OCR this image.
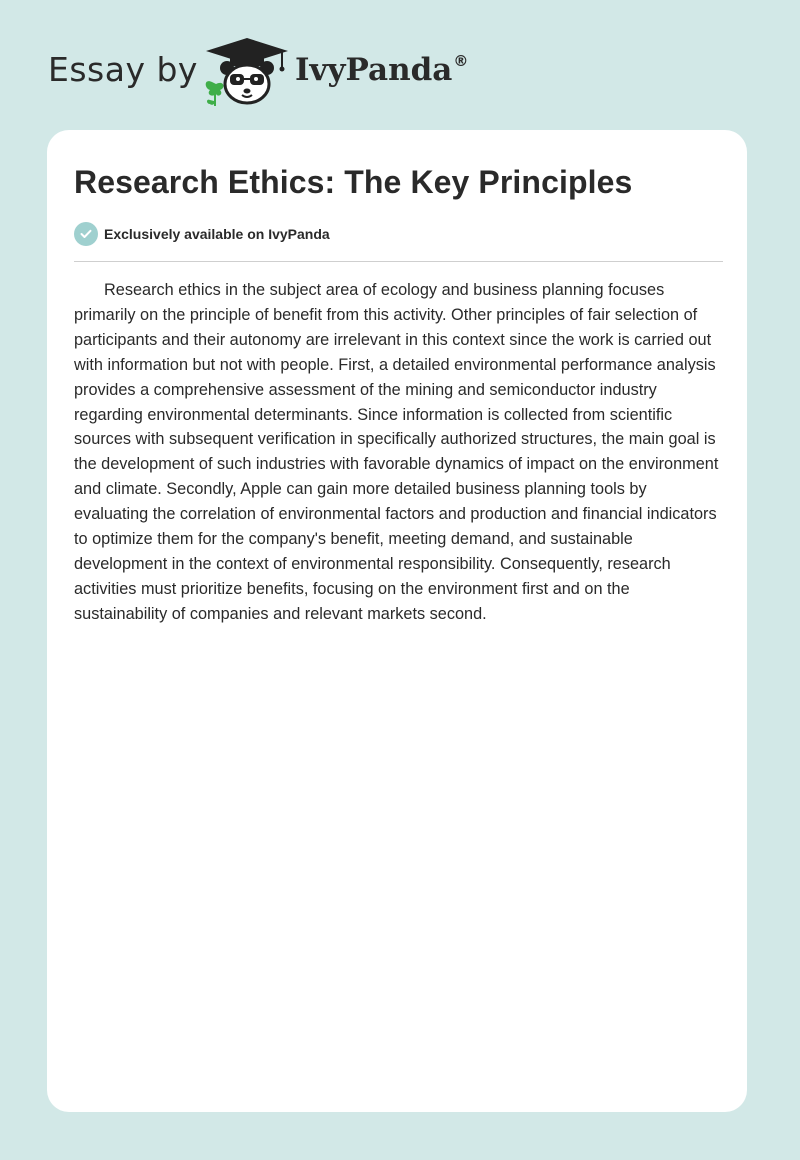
Essay by	IvyPanda®
Research Ethics: The Key Principles
Exclusively available on IvyPanda

Research ethics in the subject area of ecology and business planning focuses primarily on the principle of benefit from this activity. Other principles of fair selection of participants and their autonomy are irrelevant in this context since the work is carried out with information but not with people. First, a detailed environmental performance analysis provides a comprehensive assessment of the mining and semiconductor industry regarding environmental determinants. Since information is collected from scientific sources with subsequent verification in specifically authorized structures, the main goal is the development of such industries with favorable dynamics of impact on the environment and climate. Secondly, Apple can gain more detailed business planning tools by evaluating the correlation of environmental factors and production and financial indicators to optimize them for the company's benefit, meeting demand, and sustainable development in the context of environmental responsibility. Consequently, research activities must prioritize benefits, focusing on the environment first and on the sustainability of companies and relevant markets second.
